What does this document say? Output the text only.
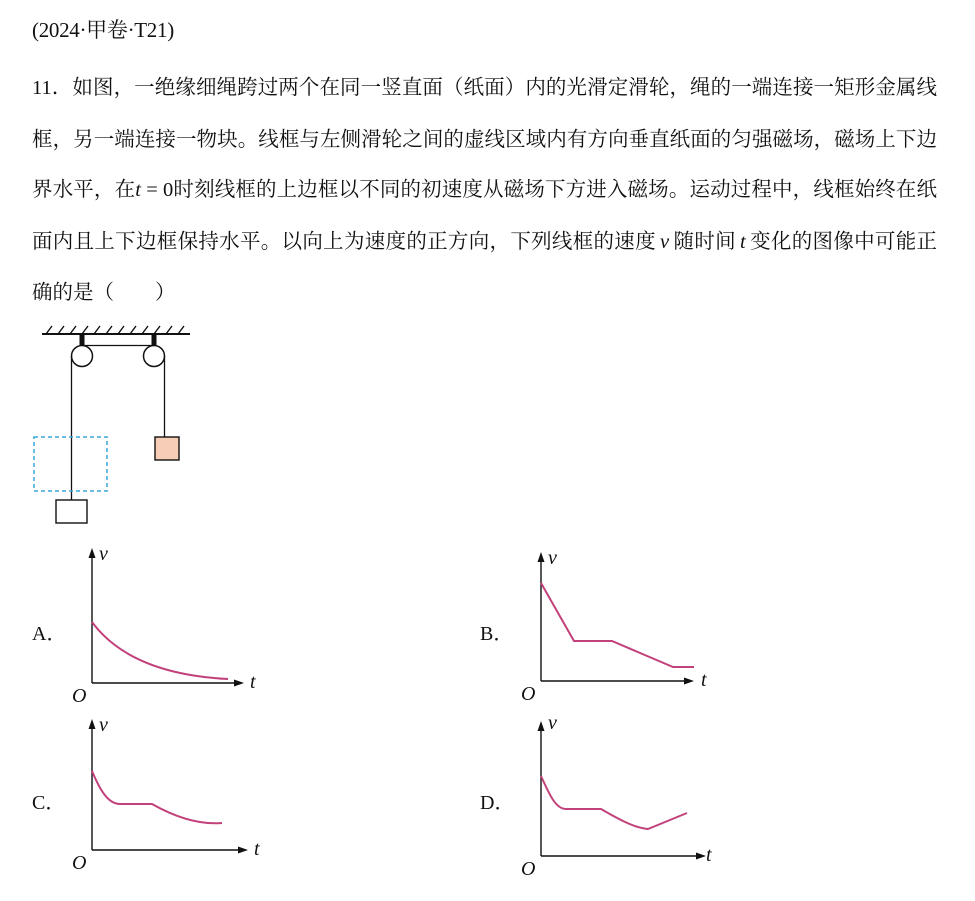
(2024·甲卷·T21)
11．如图，一绝缘细绳跨过两个在同一竖直面（纸面）内的光滑定滑轮，绳的一端连接一矩形金属线框，另一端连接一物块。线框与左侧滑轮之间的虚线区域内有方向垂直纸面的匀强磁场，磁场上下边界水平，在t = 0时刻线框的上边框以不同的初速度从磁场下方进入磁场。运动过程中，线框始终在纸面内且上下边框保持水平。以向上为速度的正方向，下列线框的速度  v  随时间  t  变化的图像中可能正确的是（　　）
A．	B．
C．	D．
v
t
O
v
t
O
v
t
O
v
t
O
